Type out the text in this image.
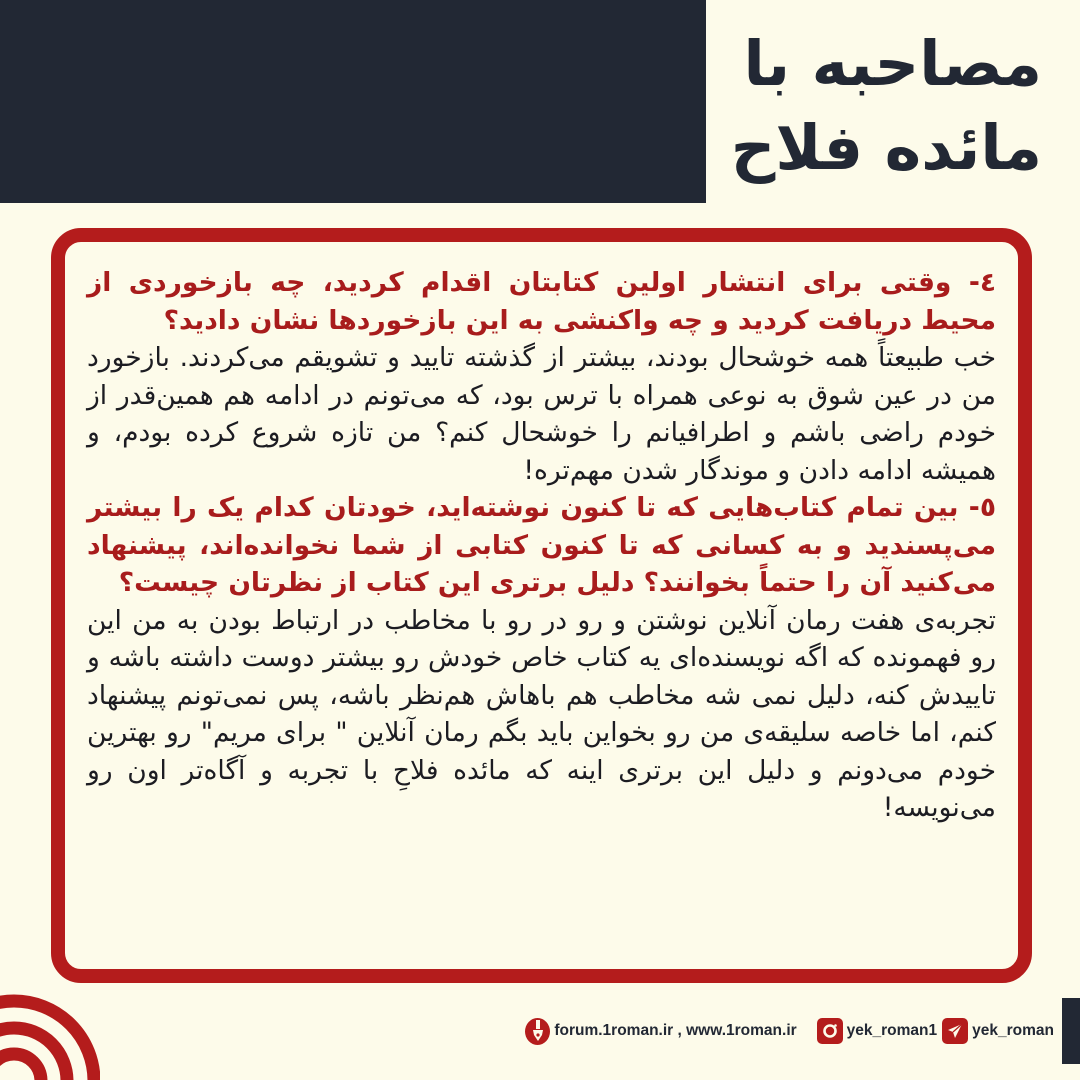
مصاحبه با
مائده فلاح

٤- وقتی برای انتشار اولین کتابتان اقدام کردید، چه بازخوردی از محیط دریافت کردید و چه واکنشی به این بازخوردها نشان دادید؟

خب طبیعتاً همه خوشحال بودند، بیشتر از گذشته تایید و تشویقم می‌کردند. بازخورد من در عین شوق به نوعی همراه با ترس بود، که می‌تونم در ادامه هم همین‌قدر از خودم راضی باشم و اطرافیانم را خوشحال کنم؟ من تازه شروع کرده بودم، و همیشه ادامه دادن و موندگار شدن مهم‌تره!

٥- بین تمام کتاب‌هایی که تا کنون نوشته‌اید، خودتان کدام یک را بیشتر می‌پسندید و به کسانی که تا کنون کتابی از شما نخوانده‌اند، پیشنهاد می‌کنید آن را حتماً بخوانند؟ دلیل برتری این کتاب از نظرتان چیست؟

تجربه‌ی هفت رمان آنلاین نوشتن و رو در رو با مخاطب در ارتباط بودن به من این رو فهمونده که اگه نویسنده‌ای یه کتاب خاص خودش رو بیشتر دوست داشته باشه و تاییدش کنه، دلیل نمی شه مخاطب هم باهاش هم‌نظر باشه، پس نمی‌تونم پیشنهاد کنم، اما خاصه سلیقه‌ی من رو بخواین باید بگم رمان آنلاین " برای مریم" رو بهترین خودم می‌دونم و دلیل این برتری اینه که مائده فلاحِ با تجربه و آگاه‌تر اون رو می‌نویسه!

forum.1roman.ir , www.1roman.ir	yek_roman1 yek_roman
